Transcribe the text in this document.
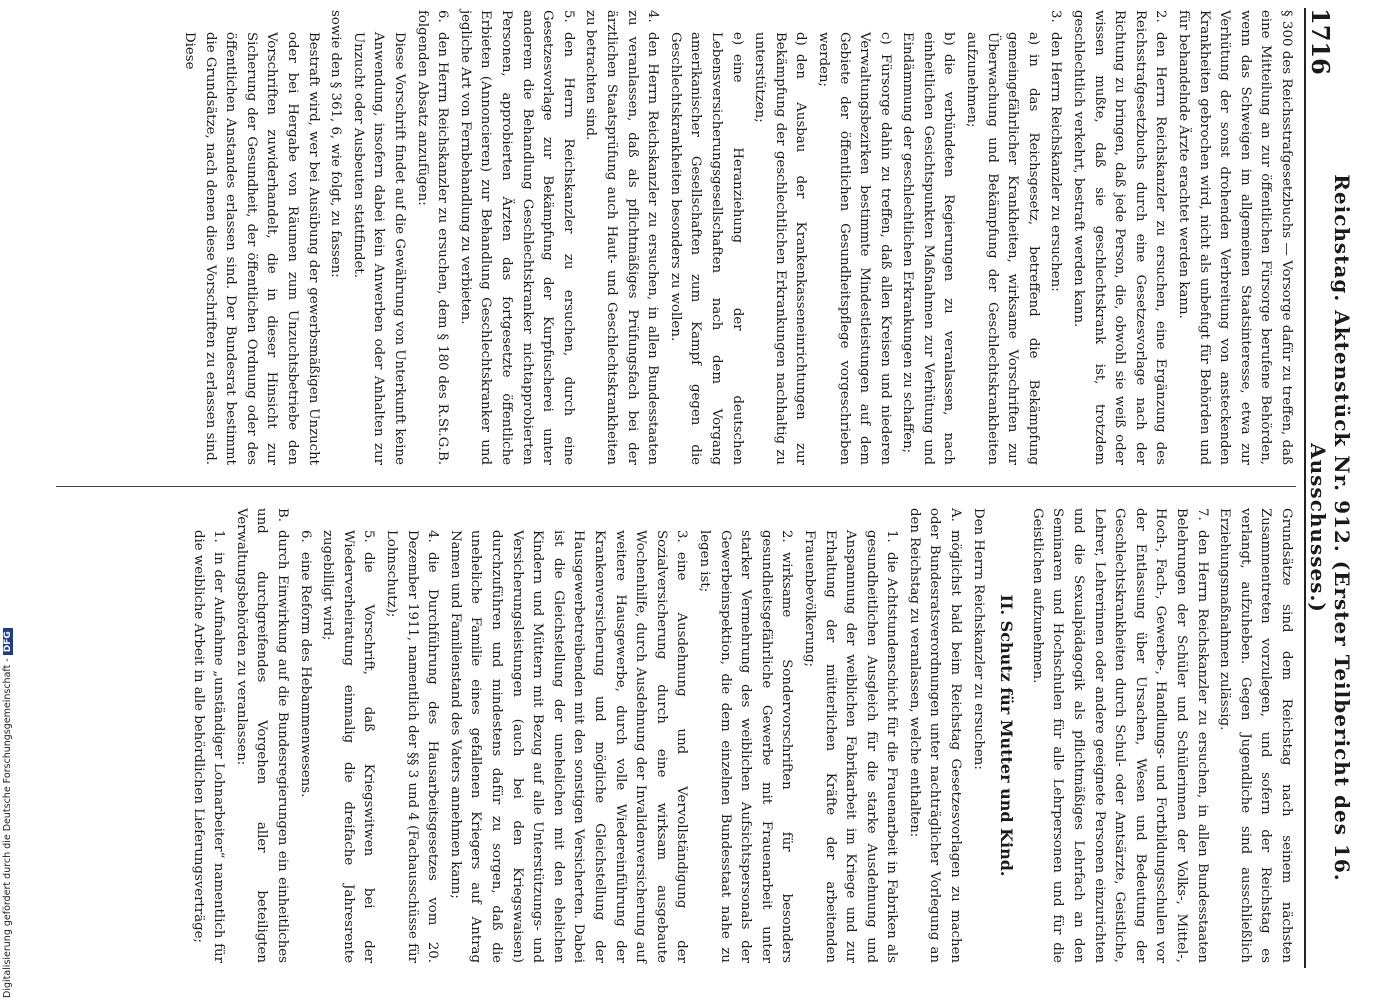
1716
Reichstag. Aktenstück Nr. 912. (Erster Teilbericht des 16. Ausschusses.)
§ 300 des Reichsstrafgesetzbuchs — Vorsorge dafür zu treffen, daß eine Mitteilung an zur öffentlichen Fürsorge berufene Behörden, wenn das Schweigen im allgemeinen Staatsinteresse, etwa zur Verhütung der sonst drohenden Verbreitung von ansteckenden Krankheiten gebrochen wird, nicht als unbefugt für Behörden und für behandelnde Ärzte erachtet werden kann.
2.den Herrn Reichskanzler zu ersuchen, eine Ergänzung des Reichsstrafgesetzbuchs durch eine Gesetzesvorlage nach der Richtung zu bringen, daß jede Person, die, obwohl sie weiß oder wissen mußte, daß sie geschlechtskrank ist, trotzdem geschlechtlich verkehrt, bestraft werden kann.
3.den Herrn Reichskanzler zu ersuchen:
a)in das Reichsgesetz, betreffend die Bekämpfung gemeingefährlicher Krankheiten, wirksame Vorschriften zur Überwachung und Bekämpfung der Geschlechtskrankheiten aufzunehmen;
b)die verbündeten Regierungen zu veranlassen, nach einheitlichen Gesichtspunkten Maßnahmen zur Verhütung und Eindämmung der geschlechtlichen Erkrankungen zu schaffen;
c)Fürsorge dahin zu treffen, daß allen Kreisen und niederen Verwaltungsbezirken bestimmte Mindestleistungen auf dem Gebiete der öffentlichen Gesundheitspflege vorgeschrieben werden;
d)den Ausbau der Krankenkasseneinrichtungen zur Bekämpfung der geschlechtlichen Erkrankungen nachhaltig zu unterstützen;
e)eine Heranziehung der deutschen Lebensversicherungsgesellschaften nach dem Vorgang amerikanischer Gesellschaften zum Kampf gegen die Geschlechtskrankheiten besonders zu wollen.
4.den Herrn Reichskanzler zu ersuchen, in allen Bundesstaaten zu veranlassen, daß als pflichtmäßiges Prüfungsfach bei der ärztlichen Staatsprüfung auch Haut- und Geschlechtskrankheiten zu betrachten sind.
5.den Herrn Reichskanzler zu ersuchen, durch eine Gesetzesvorlage zur Bekämpfung der Kurpfuscherei unter anderem die Behandlung Geschlechtskranker nichtapprobierten Personen, approbierten Ärzten das fortgesetzte öffentliche Erbieten (Annoncieren) zur Behandlung Geschlechtskranker und jegliche Art von Fernbehandlung zu verbieten.
6.den Herrn Reichskanzler zu ersuchen, dem § 180 des R.St.G.B. folgenden Absatz anzufügen:
Diese Vorschrift findet auf die Gewährung von Unterkunft keine Anwendung, insofern dabei kein Anwerben oder Anhalten zur Unzucht oder Ausbeuten stattfindet.
sowie den § 361, 6, wie folgt, zu fassen:
Bestraft wird, wer bei Ausübung der gewerbsmäßigen Unzucht oder bei Hergabe von Räumen zum Unzuchtsbetriebe den Vorschriften zuwiderhandelt, die in dieser Hinsicht zur Sicherung der Gesundheit, der öffentlichen Ordnung oder des öffentlichen Anstandes erlassen sind. Der Bundesrat bestimmt die Grundsätze, nach denen diese Vorschriften zu erlassen sind. Diese
Grundsätze sind dem Reichstag nach seinem nächsten Zusammentreten vorzulegen, und sofern der Reichstag es verlangt, aufzuheben. Gegen Jugendliche sind ausschließlich Erziehungsmaßnahmen zulässig.
7.den Herrn Reichskanzler zu ersuchen, in allen Bundesstaaten Belehrungen der Schüler und Schülerinnen der Volks-, Mittel-, Hoch-, Fach-, Gewerbe-, Handlungs- und Fortbildungsschulen vor der Entlassung über Ursachen, Wesen und Bedeutung der Geschlechtskrankheiten durch Schul- oder Amtsärzte, Geistliche, Lehrer, Lehrerinnen oder andere geeignete Personen einzurichten und die Sexualpädagogik als pflichtmäßiges Lehrfach an den Seminaren und Hochschulen für alle Lehrpersonen und für die Geistlichen aufzunehmen.
II. Schutz für Mutter und Kind.
Den Herrn Reichskanzler zu ersuchen:
A.möglichst bald beim Reichstag Gesetzesvorlagen zu machen oder Bundesratsverordnungen unter nachträglicher Vorlegung an den Reichstag zu veranlassen, welche enthalten:
1.die Achtstundenschicht für die Frauenarbeit in Fabriken als gesundheitlichen Ausgleich für die starke Ausdehnung und Anspannung der weiblichen Fabrikarbeit im Kriege und zur Erhaltung der mütterlichen Kräfte der arbeitenden Frauenbevölkerung;
2.wirksame Sondervorschriften für besonders gesundheitsgefährliche Gewerbe mit Frauenarbeit unter starker Vermehrung des weiblichen Aufsichtspersonals der Gewerbeinspektion, die dem einzelnen Bundesstaat nahe zu legen ist;
3.eine Ausdehnung und Vervollständigung der Sozialversicherung durch eine wirksam ausgebaute Wochenhilfe, durch Ausdehnung der Invalidenversicherung auf weitere Hausgewerbe, durch volle Wiedereinführung der Krankenversicherung und mögliche Gleichstellung der Hausgewerbetreibenden mit den sonstigen Versicherten. Dabei ist die Gleichstellung der unehelichen mit den ehelichen Kindern und Müttern mit Bezug auf alle Unterstützungs- und Versicherungsleistungen (auch bei den Kriegswaisen) durchzuführen und mindestens dafür zu sorgen, daß die uneheliche Familie eines gefallenen Kriegers auf Antrag Namen und Familienstand des Vaters annehmen kann;
4.die Durchführung des Hausarbeitsgesetzes vom 20. Dezember 1911, namentlich der §§ 3 und 4 (Fachausschüsse für Lohnschutz);
5.die Vorschrift, daß Kriegswitwen bei der Wiederverheiratung einmalig die dreifache Jahresrente zugebilligt wird;
6.eine Reform des Hebammenwesens.
B.durch Einwirkung auf die Bundesregierungen ein einheitliches und durchgreifendes Vorgehen aller beteiligten Verwaltungsbehörden zu veranlassen:
1.in der Aufnahme „unständiger Lohnarbeiter“ namentlich für die weibliche Arbeit in alle behördlichen Lieferungsverträge;
Digitalisierung gefördert durch die Deutsche Forschungsgemeinschaft -DFG
